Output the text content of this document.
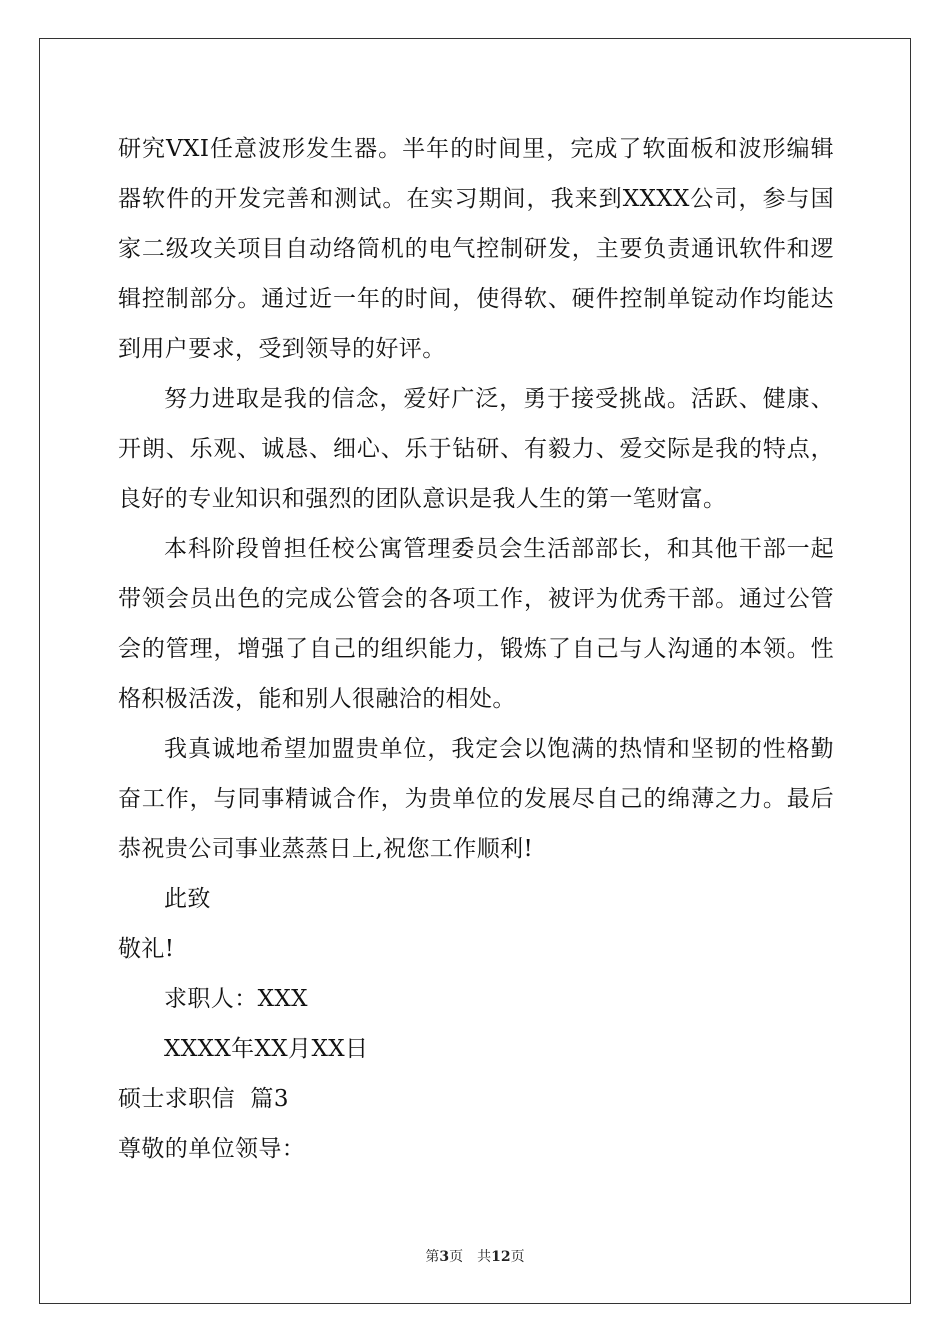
研究VXI任意波形发生器。半年的时间里，完成了软面板和波形编辑器软件的开发完善和测试。在实习期间，我来到XXXX公司，参与国家二级攻关项目自动络筒机的电气控制研发，主要负责通讯软件和逻辑控制部分。通过近一年的时间，使得软、硬件控制单锭动作均能达到用户要求，受到领导的好评。

努力进取是我的信念，爱好广泛，勇于接受挑战。活跃、健康、开朗、乐观、诚恳、细心、乐于钻研、有毅力、爱交际是我的特点，良好的专业知识和强烈的团队意识是我人生的第一笔财富。

本科阶段曾担任校公寓管理委员会生活部部长，和其他干部一起带领会员出色的完成公管会的各项工作，被评为优秀干部。通过公管会的管理，增强了自己的组织能力，锻炼了自己与人沟通的本领。性格积极活泼，能和别人很融洽的相处。

我真诚地希望加盟贵单位，我定会以饱满的热情和坚韧的性格勤奋工作，与同事精诚合作，为贵单位的发展尽自己的绵薄之力。最后恭祝贵公司事业蒸蒸日上,祝您工作顺利!

此致

敬礼!

求职人：XXX

XXXX年XX月XX日

硕士求职信  篇3

尊敬的单位领导：

第3页 共12页
